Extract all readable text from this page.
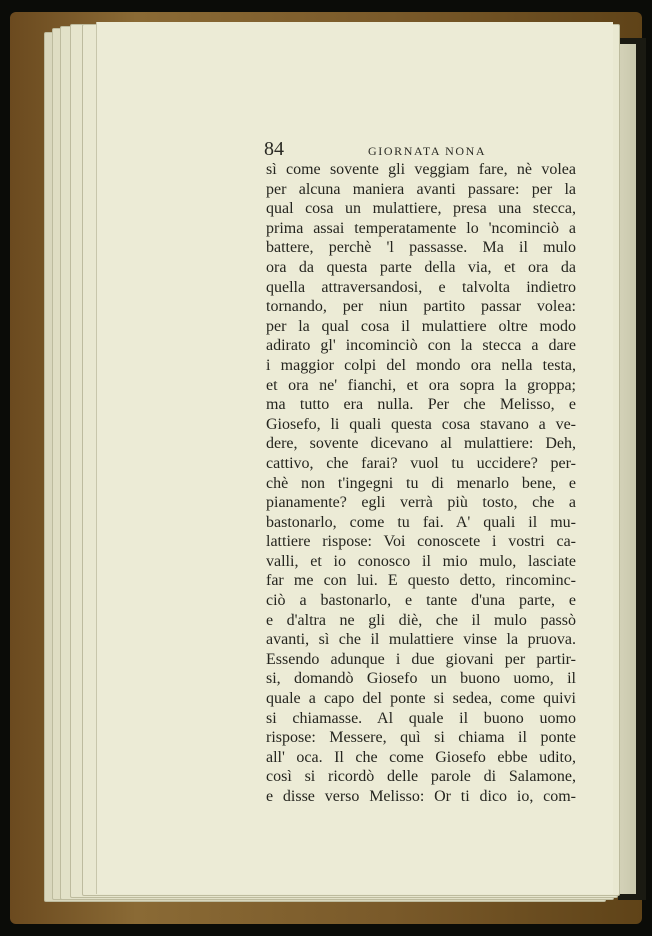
84	GIORNATA NONA
sì come sovente gli veggiam fare, nè volea
per alcuna maniera avanti passare: per la
qual cosa un mulattiere, presa una stecca,
prima assai temperatamente lo 'ncominciò a
battere, perchè 'l passasse. Ma il mulo
ora da questa parte della via, et ora da
quella attraversandosi, e talvolta indietro
tornando, per niun partito passar volea:
per la qual cosa il mulattiere oltre modo
adirato gl' incominciò con la stecca a dare
i maggior colpi del mondo ora nella testa,
et ora ne' fianchi, et ora sopra la groppa;
ma tutto era nulla. Per che Melisso, e
Giosefo, li quali questa cosa stavano a ve-
dere, sovente dicevano al mulattiere: Deh,
cattivo, che farai? vuol tu uccidere? per-
chè non t'ingegni tu di menarlo bene, e
pianamente? egli verrà più tosto, che a
bastonarlo, come tu fai. A' quali il mu-
lattiere rispose: Voi conoscete i vostri ca-
valli, et io conosco il mio mulo, lasciate
far me con lui. E questo detto, rincominc-
ciò a bastonarlo, e tante d'una parte, e
e d'altra ne gli diè, che il mulo passò
avanti, sì che il mulattiere vinse la pruova.
Essendo adunque i due giovani per partir-
si, domandò Giosefo un buono uomo, il
quale a capo del ponte si sedea, come quivi
si chiamasse. Al quale il buono uomo
rispose: Messere, quì si chiama il ponte
all' oca. Il che come Giosefo ebbe udito,
così si ricordò delle parole di Salamone,
e disse verso Melisso: Or ti dico io, com-
